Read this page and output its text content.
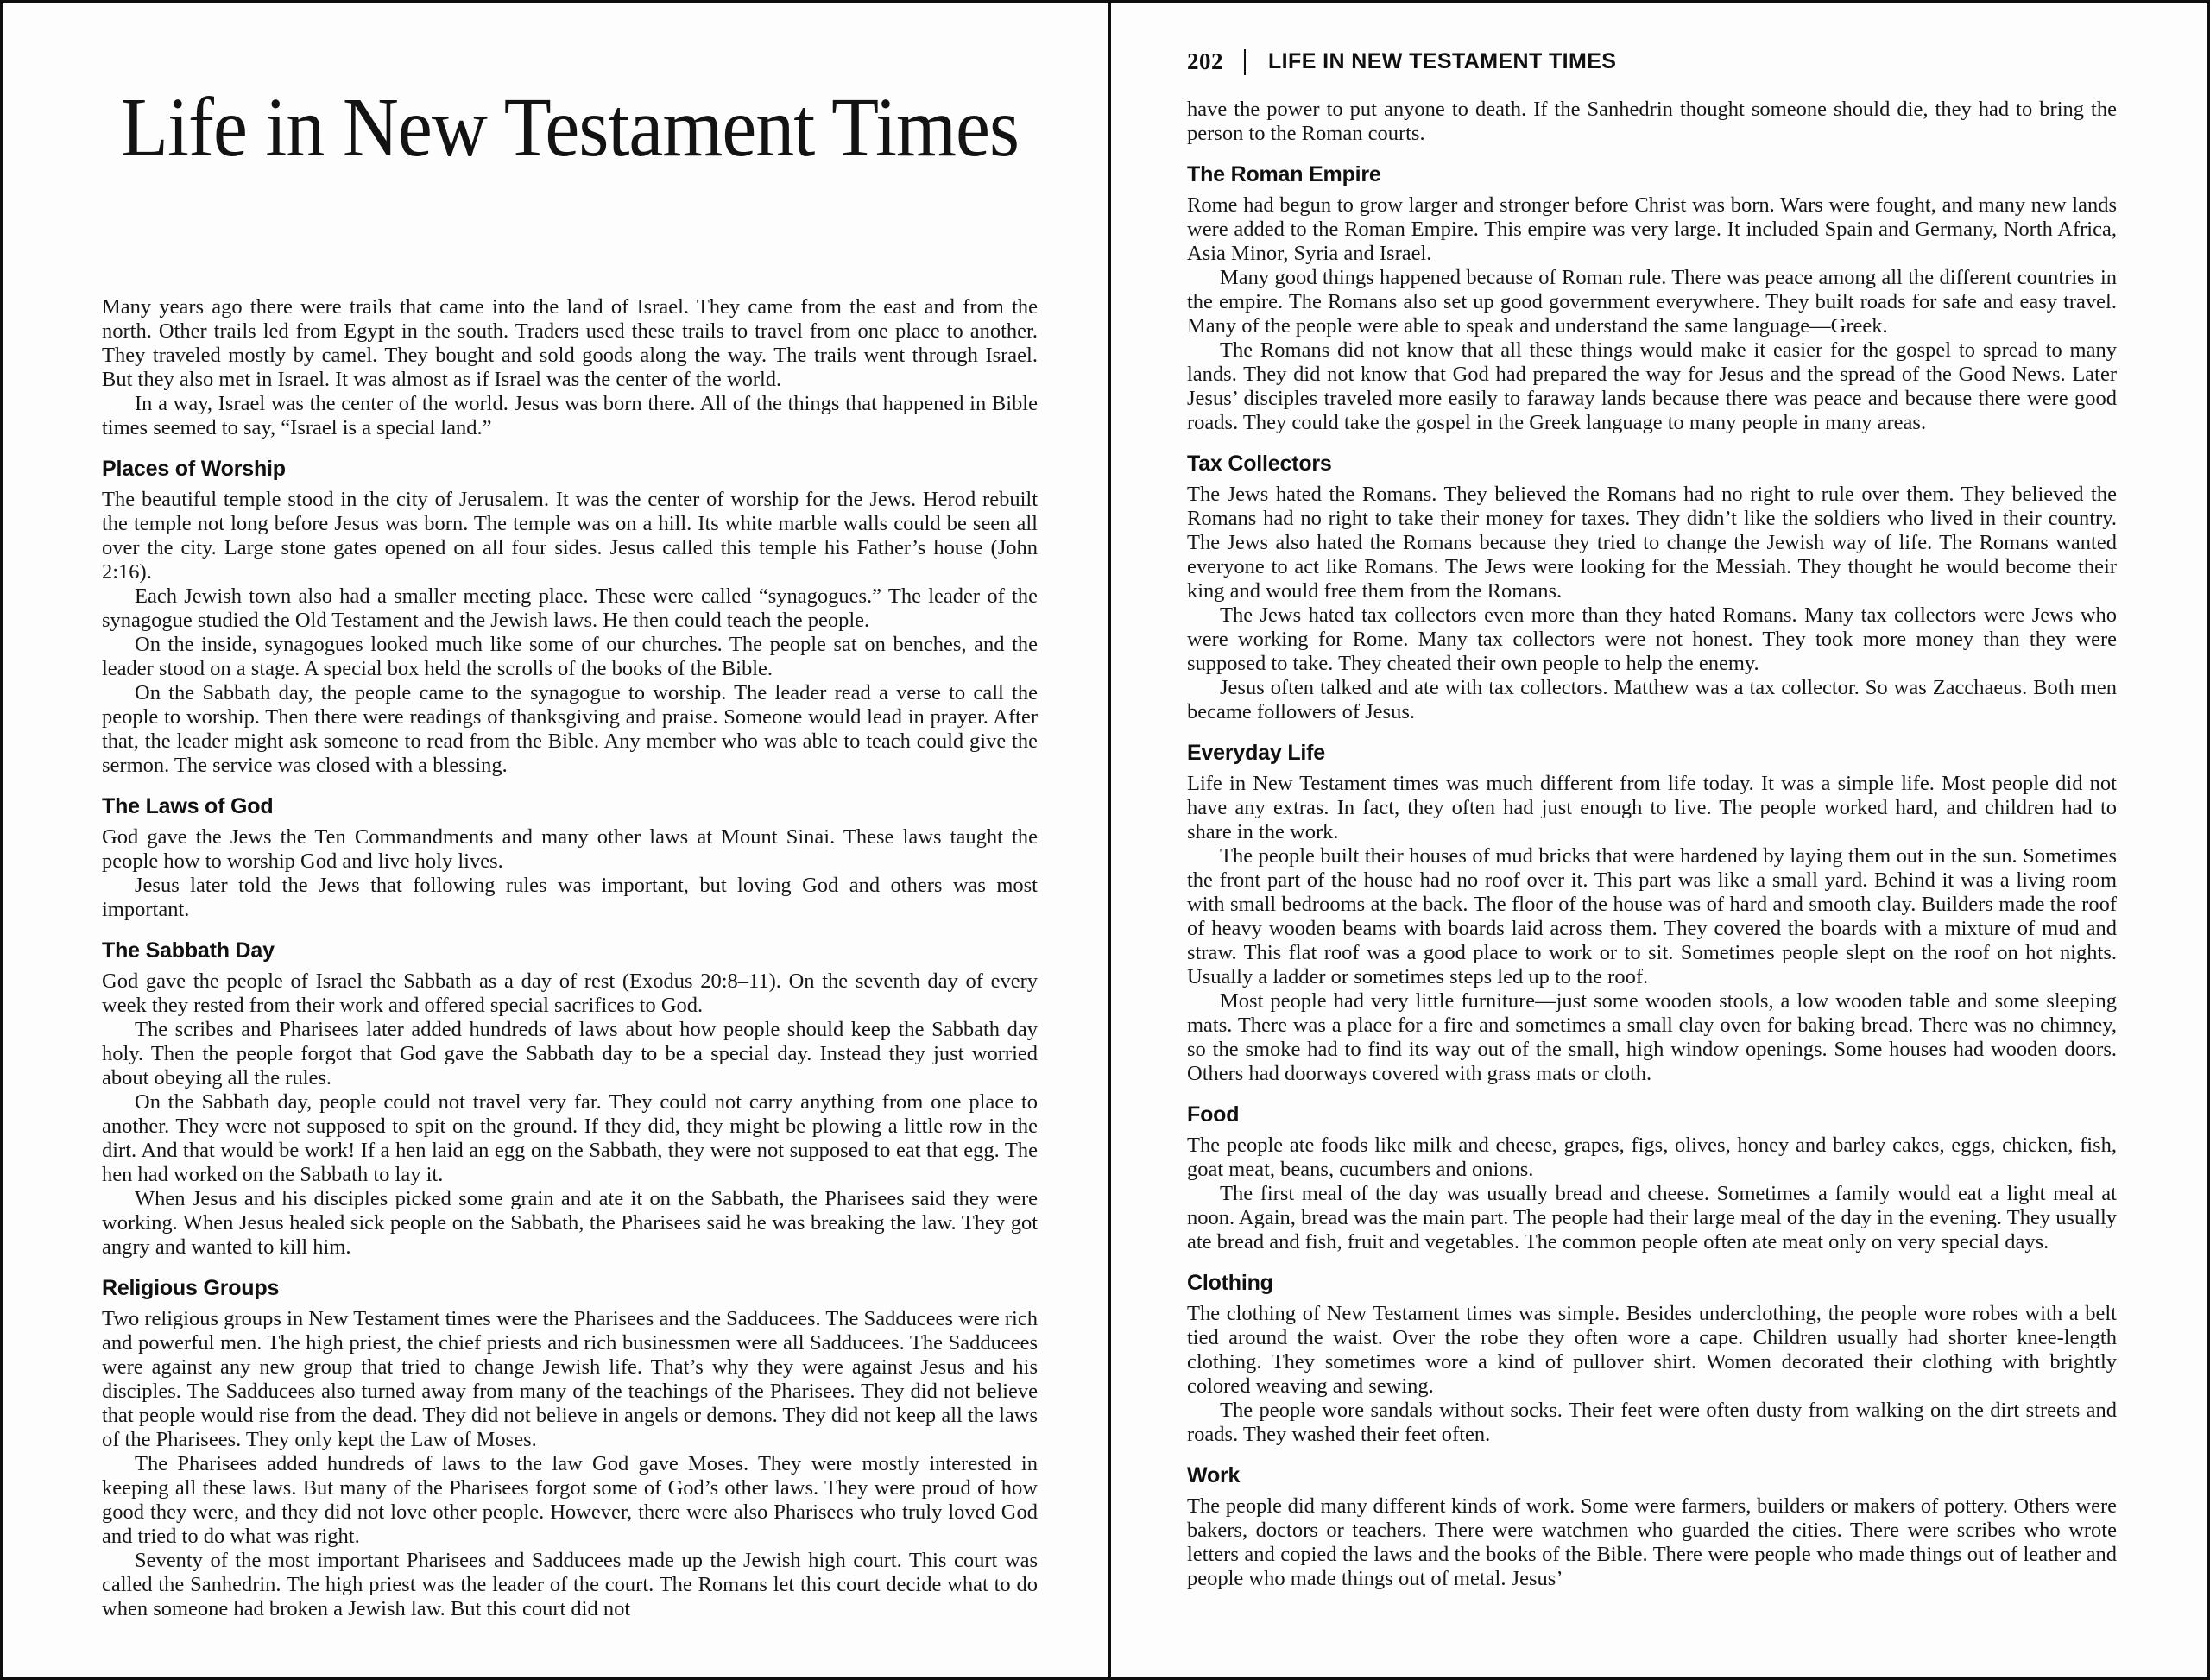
Life in New Testament Times

Many years ago there were trails that came into the land of Israel. They came from the east and from the north. Other trails led from Egypt in the south. Traders used these trails to travel from one place to another. They traveled mostly by camel. They bought and sold goods along the way. The trails went through Israel. But they also met in Israel. It was almost as if Israel was the center of the world.

In a way, Israel was the center of the world. Jesus was born there. All of the things that happened in Bible times seemed to say, “Israel is a special land.”

Places of Worship

The beautiful temple stood in the city of Jerusalem. It was the center of worship for the Jews. Herod rebuilt the temple not long before Jesus was born. The temple was on a hill. Its white marble walls could be seen all over the city. Large stone gates opened on all four sides. Jesus called this temple his Father’s house (John 2:16).

Each Jewish town also had a smaller meeting place. These were called “synagogues.” The leader of the synagogue studied the Old Testament and the Jewish laws. He then could teach the people.

On the inside, synagogues looked much like some of our churches. The people sat on benches, and the leader stood on a stage. A special box held the scrolls of the books of the Bible.

On the Sabbath day, the people came to the synagogue to worship. The leader read a verse to call the people to worship. Then there were readings of thanksgiving and praise. Someone would lead in prayer. After that, the leader might ask someone to read from the Bible. Any member who was able to teach could give the sermon. The service was closed with a blessing.

The Laws of God

God gave the Jews the Ten Commandments and many other laws at Mount Sinai. These laws taught the people how to worship God and live holy lives.

Jesus later told the Jews that following rules was important, but loving God and others was most important.

The Sabbath Day

God gave the people of Israel the Sabbath as a day of rest (Exodus 20:8–11). On the seventh day of every week they rested from their work and offered special sacrifices to God.

The scribes and Pharisees later added hundreds of laws about how people should keep the Sabbath day holy. Then the people forgot that God gave the Sabbath day to be a special day. Instead they just worried about obeying all the rules.

On the Sabbath day, people could not travel very far. They could not carry anything from one place to another. They were not supposed to spit on the ground. If they did, they might be plowing a little row in the dirt. And that would be work! If a hen laid an egg on the Sabbath, they were not supposed to eat that egg. The hen had worked on the Sabbath to lay it.

When Jesus and his disciples picked some grain and ate it on the Sabbath, the Pharisees said they were working. When Jesus healed sick people on the Sabbath, the Pharisees said he was breaking the law. They got angry and wanted to kill him.

Religious Groups

Two religious groups in New Testament times were the Pharisees and the Sadducees. The Sadducees were rich and powerful men. The high priest, the chief priests and rich businessmen were all Sadducees. The Sadducees were against any new group that tried to change Jewish life. That’s why they were against Jesus and his disciples. The Sadducees also turned away from many of the teachings of the Pharisees. They did not believe that people would rise from the dead. They did not believe in angels or demons. They did not keep all the laws of the Pharisees. They only kept the Law of Moses.

The Pharisees added hundreds of laws to the law God gave Moses. They were mostly interested in keeping all these laws. But many of the Pharisees forgot some of God’s other laws. They were proud of how good they were, and they did not love other people. However, there were also Pharisees who truly loved God and tried to do what was right.

Seventy of the most important Pharisees and Sadducees made up the Jewish high court. This court was called the Sanhedrin. The high priest was the leader of the court. The Romans let this court decide what to do when someone had broken a Jewish law. But this court did not

202 LIFE IN NEW TESTAMENT TIMES

have the power to put anyone to death. If the Sanhedrin thought someone should die, they had to bring the person to the Roman courts.

The Roman Empire

Rome had begun to grow larger and stronger before Christ was born. Wars were fought, and many new lands were added to the Roman Empire. This empire was very large. It included Spain and Germany, North Africa, Asia Minor, Syria and Israel.

Many good things happened because of Roman rule. There was peace among all the different countries in the empire. The Romans also set up good government everywhere. They built roads for safe and easy travel. Many of the people were able to speak and understand the same language—Greek.

The Romans did not know that all these things would make it easier for the gospel to spread to many lands. They did not know that God had prepared the way for Jesus and the spread of the Good News. Later Jesus’ disciples traveled more easily to faraway lands because there was peace and because there were good roads. They could take the gospel in the Greek language to many people in many areas.

Tax Collectors

The Jews hated the Romans. They believed the Romans had no right to rule over them. They believed the Romans had no right to take their money for taxes. They didn’t like the soldiers who lived in their country. The Jews also hated the Romans because they tried to change the Jewish way of life. The Romans wanted everyone to act like Romans. The Jews were looking for the Messiah. They thought he would become their king and would free them from the Romans.

The Jews hated tax collectors even more than they hated Romans. Many tax collectors were Jews who were working for Rome. Many tax collectors were not honest. They took more money than they were supposed to take. They cheated their own people to help the enemy.

Jesus often talked and ate with tax collectors. Matthew was a tax collector. So was Zacchaeus. Both men became followers of Jesus.

Everyday Life

Life in New Testament times was much different from life today. It was a simple life. Most people did not have any extras. In fact, they often had just enough to live. The people worked hard, and children had to share in the work.

The people built their houses of mud bricks that were hardened by laying them out in the sun. Sometimes the front part of the house had no roof over it. This part was like a small yard. Behind it was a living room with small bedrooms at the back. The floor of the house was of hard and smooth clay. Builders made the roof of heavy wooden beams with boards laid across them. They covered the boards with a mixture of mud and straw. This flat roof was a good place to work or to sit. Sometimes people slept on the roof on hot nights. Usually a ladder or sometimes steps led up to the roof.

Most people had very little furniture—just some wooden stools, a low wooden table and some sleeping mats. There was a place for a fire and sometimes a small clay oven for baking bread. There was no chimney, so the smoke had to find its way out of the small, high window openings. Some houses had wooden doors. Others had doorways covered with grass mats or cloth.

Food

The people ate foods like milk and cheese, grapes, figs, olives, honey and barley cakes, eggs, chicken, fish, goat meat, beans, cucumbers and onions.

The first meal of the day was usually bread and cheese. Sometimes a family would eat a light meal at noon. Again, bread was the main part. The people had their large meal of the day in the evening. They usually ate bread and fish, fruit and vegetables. The common people often ate meat only on very special days.

Clothing

The clothing of New Testament times was simple. Besides underclothing, the people wore robes with a belt tied around the waist. Over the robe they often wore a cape. Children usually had shorter knee-length clothing. They sometimes wore a kind of pullover shirt. Women decorated their clothing with brightly colored weaving and sewing.

The people wore sandals without socks. Their feet were often dusty from walking on the dirt streets and roads. They washed their feet often.

Work

The people did many different kinds of work. Some were farmers, builders or makers of pottery. Others were bakers, doctors or teachers. There were watchmen who guarded the cities. There were scribes who wrote letters and copied the laws and the books of the Bible. There were people who made things out of leather and people who made things out of metal. Jesus’
